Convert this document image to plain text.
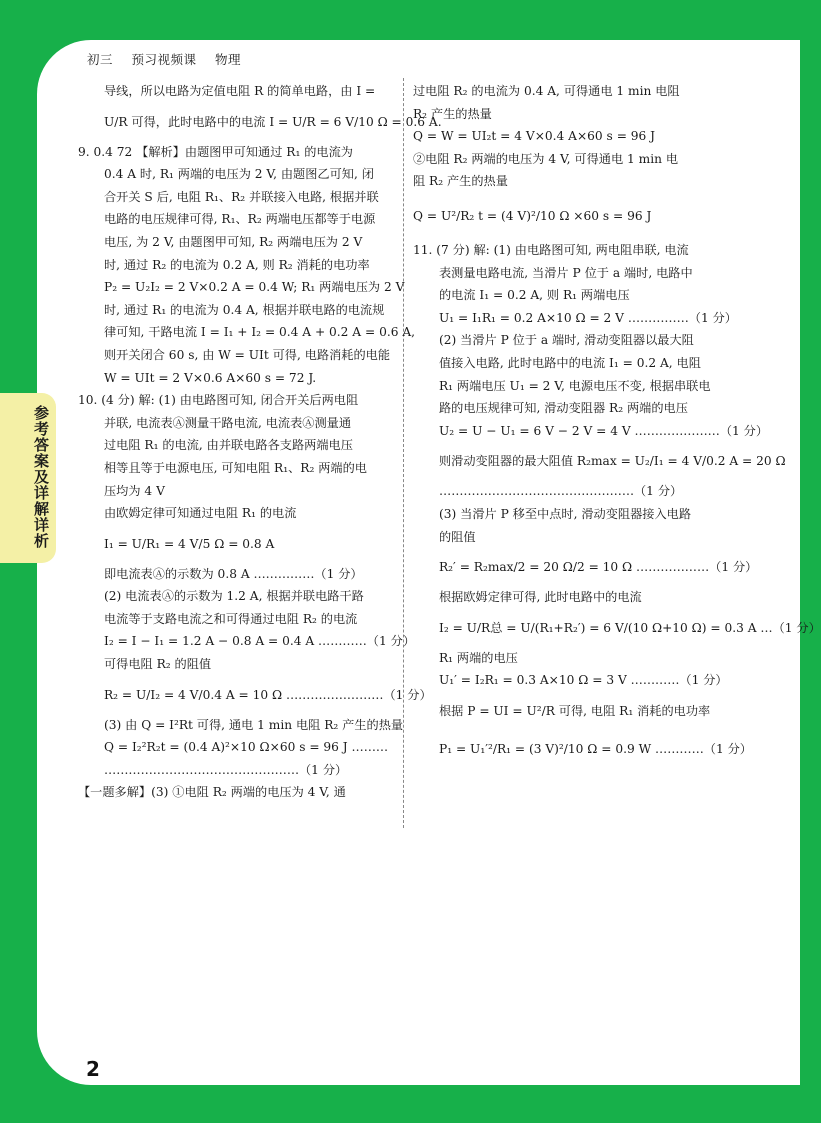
初三 预习视频课 物理
参考答案及详解详析
导线，所以电路为定值电阻 R 的简单电路，由 I =
U/R 可得，此时电路中的电流 I = U/R = 6 V/10 Ω = 0.6 A.
9. 0.4 72 【解析】由题图甲可知通过 R₁ 的电流为
0.4 A 时, R₁ 两端的电压为 2 V, 由题图乙可知, 闭
合开关 S 后, 电阻 R₁、R₂ 并联接入电路, 根据并联
电路的电压规律可得, R₁、R₂ 两端电压都等于电源
电压, 为 2 V, 由题图甲可知, R₂ 两端电压为 2 V
时, 通过 R₂ 的电流为 0.2 A, 则 R₂ 消耗的电功率
P₂ = U₂I₂ = 2 V×0.2 A = 0.4 W; R₁ 两端电压为 2 V
时, 通过 R₁ 的电流为 0.4 A, 根据并联电路的电流规
律可知, 干路电流 I = I₁ + I₂ = 0.4 A + 0.2 A = 0.6 A,
则开关闭合 60 s, 由 W = UIt 可得, 电路消耗的电能
W = UIt = 2 V×0.6 A×60 s = 72 J.
10. (4 分) 解: (1) 由电路图可知, 闭合开关后两电阻
并联, 电流表Ⓐ测量干路电流, 电流表Ⓐ测量通
过电阻 R₁ 的电流, 由并联电路各支路两端电压
相等且等于电源电压, 可知电阻 R₁、R₂ 两端的电
压均为 4 V
由欧姆定律可知通过电阻 R₁ 的电流
I₁ = U/R₁ = 4 V/5 Ω = 0.8 A
即电流表Ⓐ的示数为 0.8 A ……………（1 分）
(2) 电流表Ⓐ的示数为 1.2 A, 根据并联电路干路
电流等于支路电流之和可得通过电阻 R₂ 的电流
I₂ = I − I₁ = 1.2 A − 0.8 A = 0.4 A …………（1 分）
可得电阻 R₂ 的阻值
R₂ = U/I₂ = 4 V/0.4 A = 10 Ω ……………………（1 分）
(3) 由 Q = I²Rt 可得, 通电 1 min 电阻 R₂ 产生的热量
Q = I₂²R₂t = (0.4 A)²×10 Ω×60 s = 96 J ………
…………………………………………（1 分）
【一题多解】(3) ①电阻 R₂ 两端的电压为 4 V, 通
过电阻 R₂ 的电流为 0.4 A, 可得通电 1 min 电阻
R₂ 产生的热量
Q = W = UI₂t = 4 V×0.4 A×60 s = 96 J
②电阻 R₂ 两端的电压为 4 V, 可得通电 1 min 电
阻 R₂ 产生的热量
Q = U²/R₂ t = (4 V)²/10 Ω ×60 s = 96 J
11. (7 分) 解: (1) 由电路图可知, 两电阻串联, 电流
表测量电路电流, 当滑片 P 位于 a 端时, 电路中
的电流 I₁ = 0.2 A, 则 R₁ 两端电压
U₁ = I₁R₁ = 0.2 A×10 Ω = 2 V ……………（1 分）
(2) 当滑片 P 位于 a 端时, 滑动变阻器以最大阻
值接入电路, 此时电路中的电流 I₁ = 0.2 A, 电阻
R₁ 两端电压 U₁ = 2 V, 电源电压不变, 根据串联电
路的电压规律可知, 滑动变阻器 R₂ 两端的电压
U₂ = U − U₁ = 6 V − 2 V = 4 V …………………（1 分）
则滑动变阻器的最大阻值 R₂max = U₂/I₁ = 4 V/0.2 A = 20 Ω
…………………………………………（1 分）
(3) 当滑片 P 移至中点时, 滑动变阻器接入电路
的阻值
R₂′ = R₂max/2 = 20 Ω/2 = 10 Ω ………………（1 分）
根据欧姆定律可得, 此时电路中的电流
I₂ = U/R总 = U/(R₁+R₂′) = 6 V/(10 Ω+10 Ω) = 0.3 A …（1 分）
R₁ 两端的电压
U₁′ = I₂R₁ = 0.3 A×10 Ω = 3 V …………（1 分）
根据 P = UI = U²/R 可得, 电阻 R₁ 消耗的电功率
P₁ = U₁′²/R₁ = (3 V)²/10 Ω = 0.9 W …………（1 分）
2
